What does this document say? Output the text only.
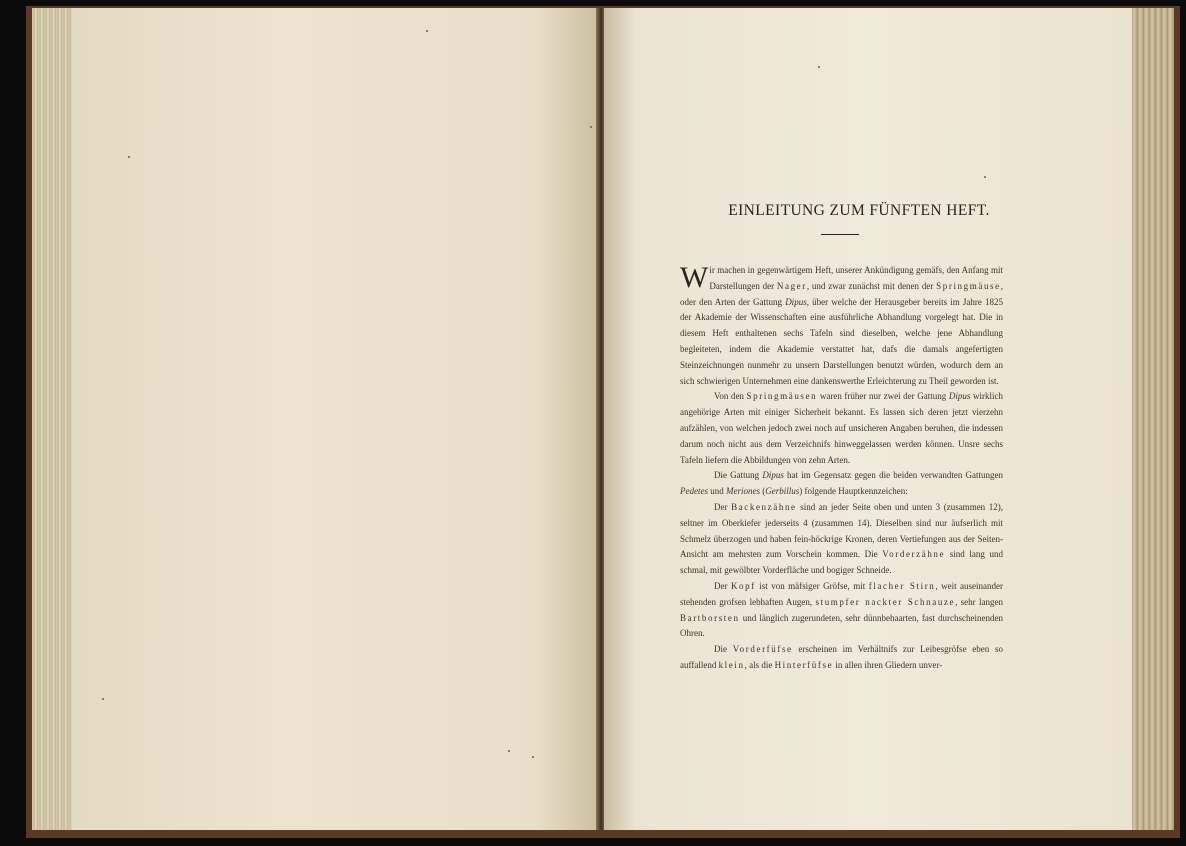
EINLEITUNG ZUM FÜNFTEN HEFT.

Wir machen in gegenwärtigem Heft, unserer Ankündigung gemäfs, den Anfang mit Darstellungen der Nager, und zwar zunächst mit denen der Springmäuse, oder den Arten der Gattung Dipus, über welche der Herausgeber bereits im Jahre 1825 der Akademie der Wissenschaften eine ausführliche Abhandlung vorgelegt hat. Die in diesem Heft enthaltenen sechs Tafeln sind dieselben, welche jene Abhandlung begleiteten, indem die Akademie verstattet hat, dafs die damals angefertigten Steinzeichnungen nunmehr zu unsern Darstellungen benutzt würden, wodurch dem an sich schwierigen Unternehmen eine dankenswerthe Erleichterung zu Theil geworden ist.

Von den Springmäusen waren früher nur zwei der Gattung Dipus wirklich angehörige Arten mit einiger Sicherheit bekannt. Es lassen sich deren jetzt vierzehn aufzählen, von welchen jedoch zwei noch auf unsicheren Angaben beruhen, die indessen darum noch nicht aus dem Verzeichnifs hinweggelassen werden können. Unsre sechs Tafeln liefern die Abbildungen von zehn Arten.

Die Gattung Dipus hat im Gegensatz gegen die beiden verwandten Gattungen Pedetes und Meriones (Gerbillus) folgende Hauptkennzeichen:

Der Backenzähne sind an jeder Seite oben und unten 3 (zusammen 12), seltner im Oberkiefer jederseits 4 (zusammen 14). Dieselben sind nur äufserlich mit Schmelz überzogen und haben fein-höckrige Kronen, deren Vertiefungen aus der Seiten-Ansicht am mehrsten zum Vorschein kommen. Die Vorderzähne sind lang und schmal, mit gewölbter Vorderfläche und bogiger Schneide.

Der Kopf ist von mäfsiger Gröfse, mit flacher Stirn, weit auseinander stehenden grofsen lebhaften Augen, stumpfer nackter Schnauze, sehr langen Bartborsten und länglich zugerundeten, sehr dünnbehaarten, fast durchscheinenden Ohren.

Die Vorderfüfse erscheinen im Verhältnifs zur Leibesgröfse eben so auffallend klein, als die Hinterfüfse in allen ihren Gliedern unver-
